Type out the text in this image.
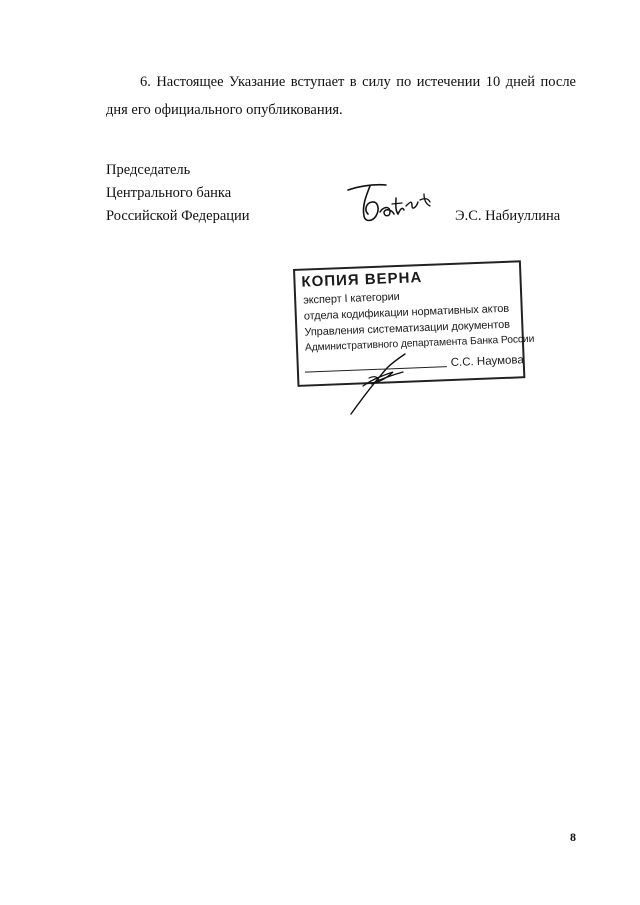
6. Настоящее Указание вступает в силу по истечении 10 дней после
дня его официального опубликования.
Председатель
Центрального банка
Российской Федерации	Э.С. Набиуллина
КОПИЯ ВЕРНА
эксперт I категории
отдела кодификации нормативных актов
Управления систематизации документов
Административного департамента Банка России
С.С. Наумова
8
